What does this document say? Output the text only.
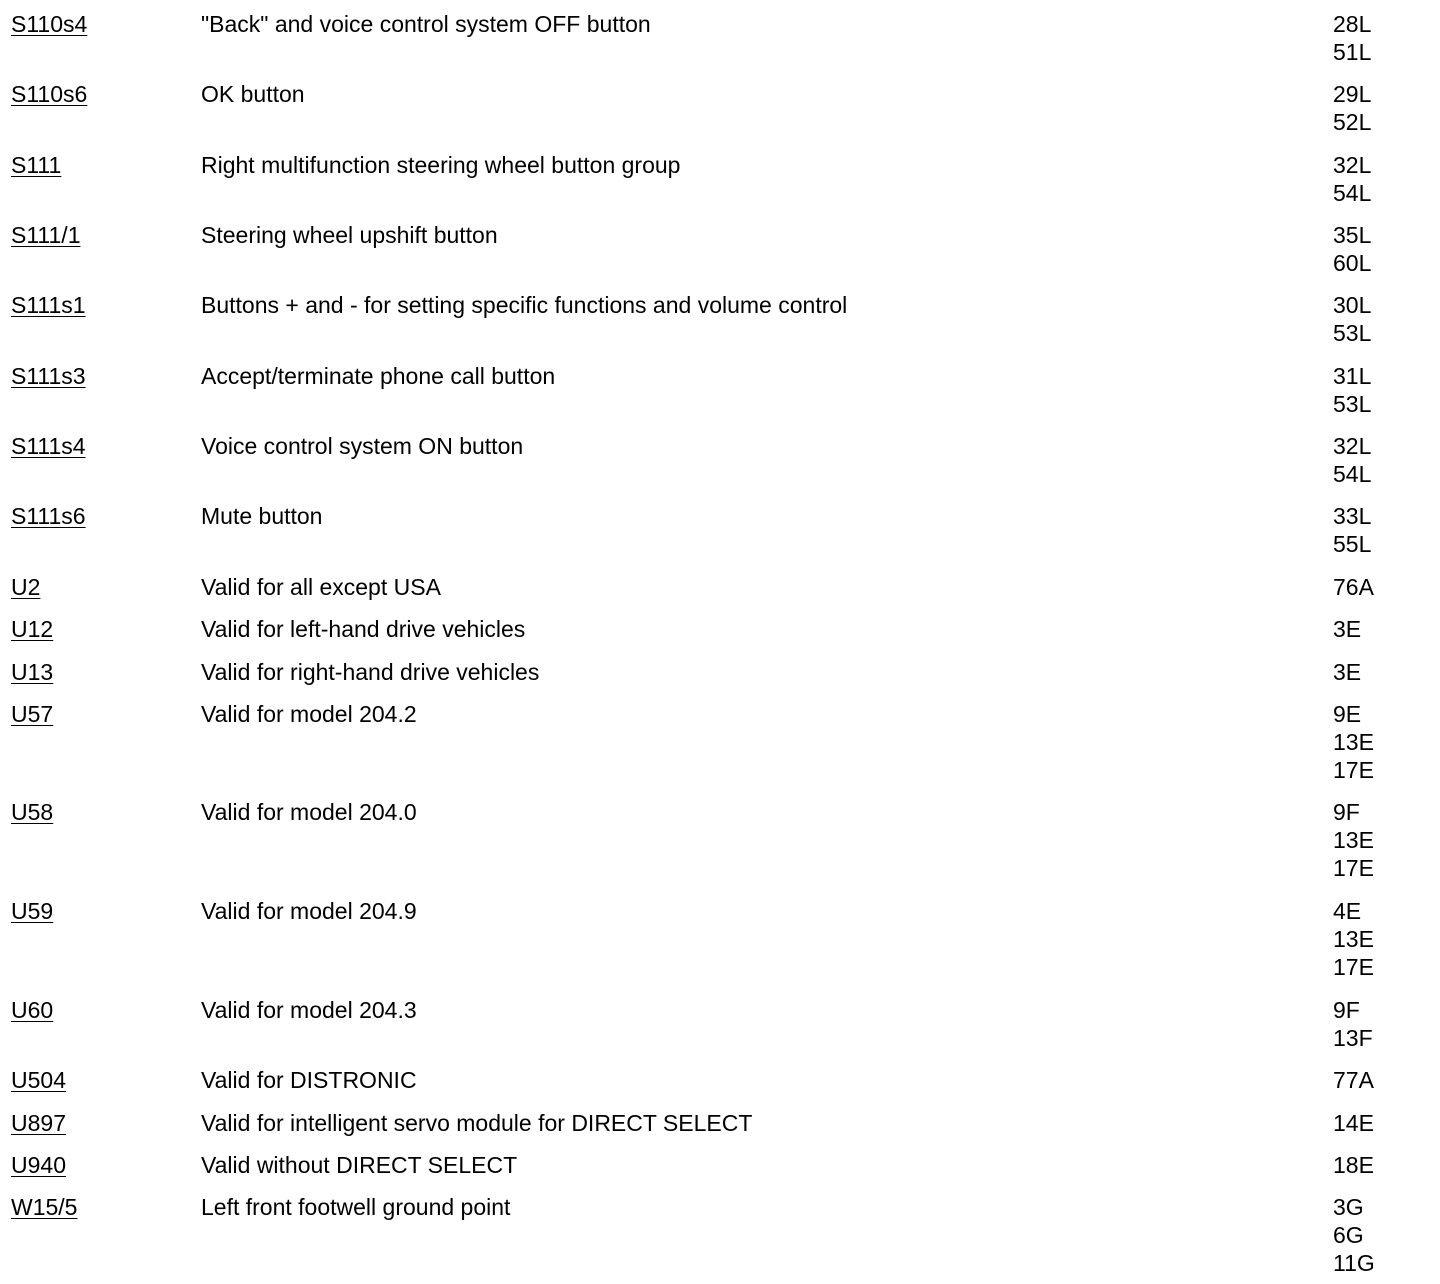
S110s4	"Back" and voice control system OFF button	28L
51L
S110s6	OK button	29L
52L
S111	Right multifunction steering wheel button group	32L
54L
S111/1	Steering wheel upshift button	35L
60L
S111s1	Buttons + and - for setting specific functions and volume control	30L
53L
S111s3	Accept/terminate phone call button	31L
53L
S111s4	Voice control system ON button	32L
54L
S111s6	Mute button	33L
55L
U2	Valid for all except USA	76A
U12	Valid for left-hand drive vehicles	3E
U13	Valid for right-hand drive vehicles	3E
U57	Valid for model 204.2	9E
13E
17E
U58	Valid for model 204.0	9F
13E
17E
U59	Valid for model 204.9	4E
13E
17E
U60	Valid for model 204.3	9F
13F
U504	Valid for DISTRONIC	77A
U897	Valid for intelligent servo module for DIRECT SELECT	14E
U940	Valid without DIRECT SELECT	18E
W15/5	Left front footwell ground point	3G
6G
11G
